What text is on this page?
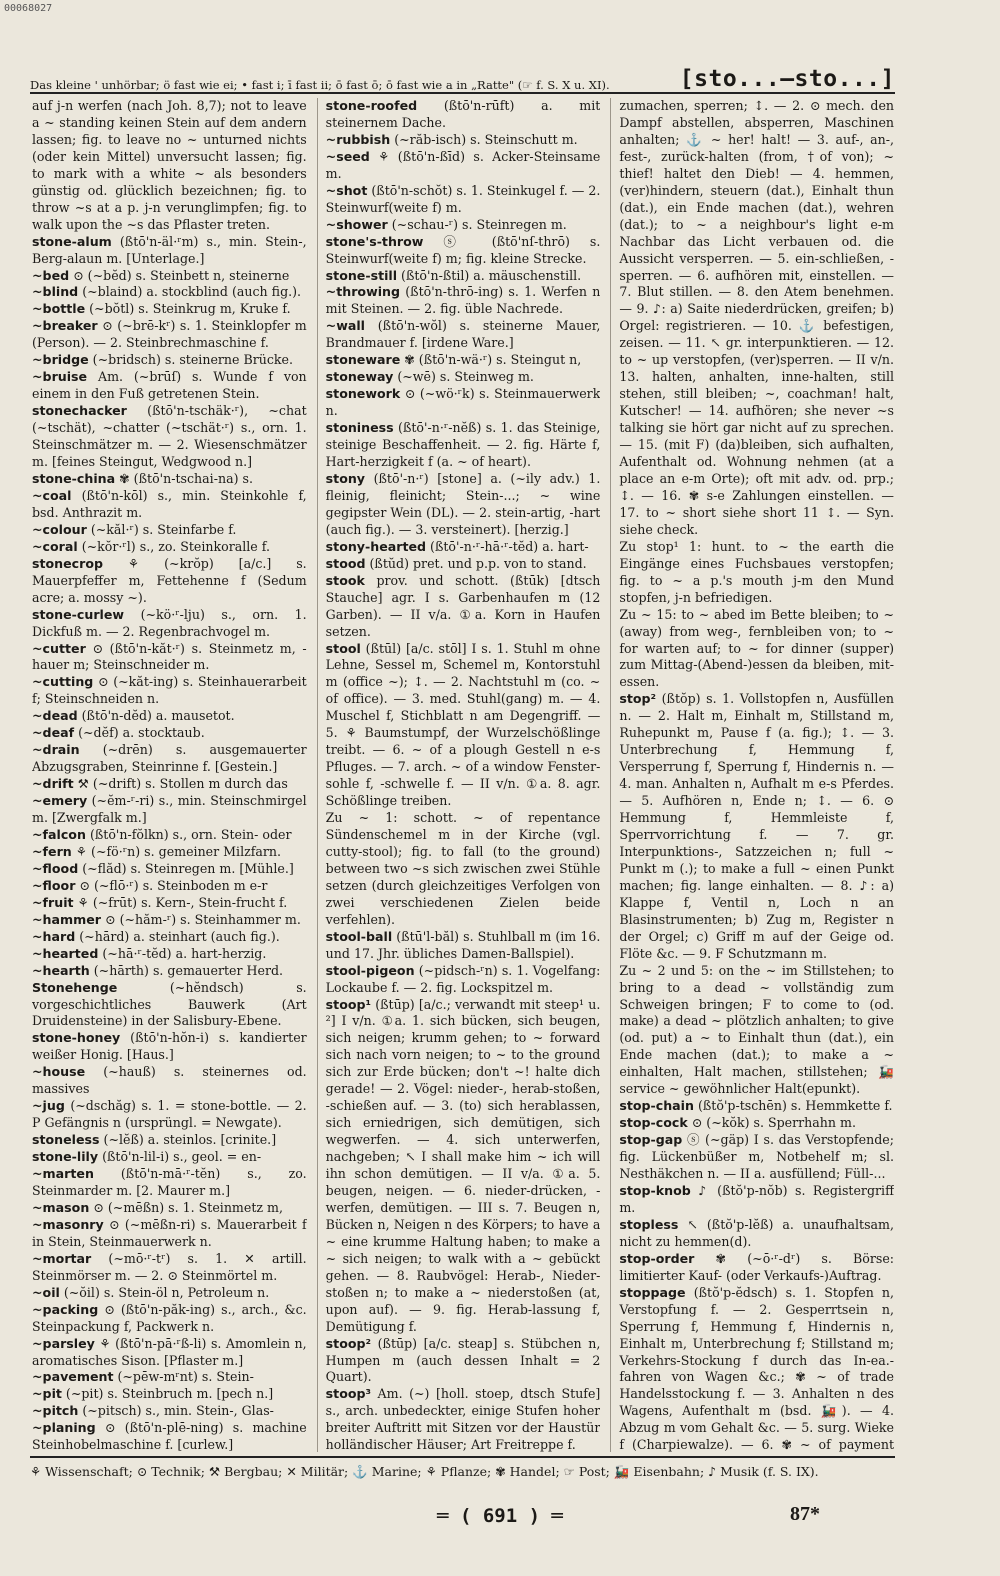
00068027
Das kleine ' unhörbar; ö fast wie ei; • fast i; ī fast ii; ō fast ō; ō fast wie a in „Ratte" (☞ f. S. X u. XI).	[sto...—sto...]

auf j-n werfen (nach Joh. 8,7); not to leave a ~ standing keinen Stein auf dem andern lassen; fig. to leave no ~ unturned nichts (oder kein Mittel) unversucht lassen; fig. to mark with a white ~ als besonders günstig od. glücklich bezeichnen; fig. to throw ~s at a p. j-n verunglimpfen; fig. to walk upon the ~s das Pflaster treten.

stone-alum (ßtō'n-äl·ʳm) s., min. Stein-, Berg-alaun m. [Unterlage.]

~bed ⊙ (~bĕd) s. Steinbett n, steinerne

~blind (~blaind) a. stockblind (auch fig.).

~bottle (~bŏtl) s. Steinkrug m, Kruke f.

~breaker ⊙ (~brē-kʳ) s. 1. Steinklopfer m (Person). — 2. Steinbrechmaschine f.

~bridge (~bridsch) s. steinerne Brücke.

~bruise Am. (~brūſ) s. Wunde f von einem in den Fuß getretenen Stein.

stonechacker (ßtō'n-tschäk·ʳ), ~chat (~tschät), ~chatter (~tschät·ʳ) s., orn. 1. Steinschmätzer m. — 2. Wiesenschmätzer m. [feines Steingut, Wedgwood n.]

stone-china ✾ (ßtō'n-tschai-na) s.

~coal (ßtō'n-kōl) s., min. Steinkohle f, bsd. Anthrazit m.

~colour (~kăl·ʳ) s. Steinfarbe f.

~coral (~kŏr·ʳl) s., zo. Steinkoralle f.

stonecrop ⚘ (~krŏp) [a/c.] s. Mauerpfeffer m, Fettehenne f (Sedum acre; a. mossy ~).

stone-curlew (~kö·ʳ-lju) s., orn. 1. Dickfuß m. — 2. Regenbrachvogel m.

~cutter ⊙ (ßtō'n-kăt·ʳ) s. Steinmetz m, -hauer m; Steinschneider m.

~cutting ⊙ (~kăt-ing) s. Steinhauerarbeit f; Steinschneiden n.

~dead (ßtō'n-dĕd) a. mausetot.

~deaf (~dĕf) a. stocktaub.

~drain (~drēn) s. ausgemauerter Abzugsgraben, Steinrinne f. [Gestein.]

~drift ⚒ (~drift) s. Stollen m durch das

~emery (~ĕm-ʳ-ri) s., min. Steinschmirgel m. [Zwergfalk m.]

~falcon (ßtō'n-fŏlkn) s., orn. Stein- oder

~fern ⚘ (~fö·ʳn) s. gemeiner Milzfarn.

~flood (~flăd) s. Steinregen m. [Mühle.]

~floor ⊙ (~flō·ʳ) s. Steinboden m e-r

~fruit ⚘ (~frūt) s. Kern-, Stein-frucht f.

~hammer ⊙ (~hăm-ʳ) s. Steinhammer m.

~hard (~hārd) a. steinhart (auch fig.).

~hearted (~hā·ʳ-tĕd) a. hart-herzig.

~hearth (~hārth) s. gemauerter Herd.

Stonehenge (~hĕndsch) s. vorgeschichtliches Bauwerk (Art Druidensteine) in der Salisbury-Ebene.

stone-honey (ßtō'n-hŏn-i) s. kandierter weißer Honig. [Haus.]

~house (~hauß) s. steinernes od. massives

~jug (~dschăg) s. 1. = stone-bottle. — 2. P Gefängnis n (ursprüngl. = Newgate).

stoneless (~lĕß) a. steinlos. [crinite.]

stone-lily (ßtō'n-lil-i) s., geol. = en-

~marten (ßtō'n-mā·ʳ-tĕn) s., zo. Steinmarder m. [2. Maurer m.]

~mason ⊙ (~mēßn) s. 1. Steinmetz m,

~masonry ⊙ (~mēßn-ri) s. Mauerarbeit f in Stein, Steinmauerwerk n.

~mortar (~mō·ʳ-tʳ) s. 1. ✕ artill. Steinmörser m. — 2. ⊙ Steinmörtel m.

~oil (~ŏil) s. Stein-öl n, Petroleum n.

~packing ⊙ (ßtō'n-păk-ing) s., arch., &c. Steinpackung f, Packwerk n.

~parsley ⚘ (ßtō'n-pā·ʳß-li) s. Amomlein n, aromatisches Sison. [Pflaster m.]

~pavement (~pēw-mʳnt) s. Stein-

~pit (~pit) s. Steinbruch m. [pech n.]

~pitch (~pitsch) s., min. Stein-, Glas-

~planing ⊙ (ßtō'n-plē-ning) s. machine Steinhobelmaschine f. [curlew.]

stone-roofed (ßtō'n-rūft) a. mit steinernem Dache.

~rubbish (~răb-isch) s. Steinschutt m.

~seed ⚘ (ßtō'n-ßīd) s. Acker-Steinsame m.

~shot (ßtō'n-schŏt) s. 1. Steinkugel f. — 2. Steinwurf(weite f) m.

~shower (~schau-ʳ) s. Steinregen m.

stone's-throw ⓢ (ßtō'nſ-thrō) s. Steinwurf(weite f) m; fig. kleine Strecke.

stone-still (ßtō'n-ßtil) a. mäuschenstill.

~throwing (ßtō'n-thrō-ing) s. 1. Werfen n mit Steinen. — 2. fig. üble Nachrede.

~wall (ßtō'n-wŏl) s. steinerne Mauer, Brandmauer f. [irdene Ware.]

stoneware ✾ (ßtō'n-wä·ʳ) s. Steingut n,

stoneway (~wē) s. Steinweg m.

stonework ⊙ (~wö·ʳk) s. Steinmauerwerk n.

stoniness (ßtō'-n·ʳ-nĕß) s. 1. das Steinige, steinige Beschaffenheit. — 2. fig. Härte f, Hart-herzigkeit f (a. ~ of heart).

stony (ßtō'-n·ʳ) [stone] a. (~ily adv.) 1. fleinig, fleinicht; Stein-...; ~ wine gegipster Wein (DL). — 2. stein-artig, -hart (auch fig.). — 3. versteinert). [herzig.]

stony-hearted (ßtō'-n·ʳ-hā·ʳ-tĕd) a. hart-

stood (ßtŭd) pret. und p.p. von to stand.

stook prov. und schott. (ßtūk) [dtsch Stauche] agr. I s. Garbenhaufen m (12 Garben). — II v/a. ①a. Korn in Haufen setzen.

stool (ßtūl) [a/c. stōl] I s. 1. Stuhl m ohne Lehne, Sessel m, Schemel m, Kontorstuhl m (office ~); ↕. — 2. Nachtstuhl m (co. ~ of office). — 3. med. Stuhl(gang) m. — 4. Muschel f, Stichblatt n am Degengriff. — 5. ⚘ Baumstumpf, der Wurzelschößlinge treibt. — 6. ~ of a plough Gestell n e-s Pfluges. — 7. arch. ~ of a window Fenster-sohle f, -schwelle f. — II v/n. ①a. 8. agr. Schößlinge treiben.

Zu ~ 1: schott. ~ of repentance Sündenschemel m in der Kirche (vgl. cutty-stool); fig. to fall (to the ground) between two ~s sich zwischen zwei Stühle setzen (durch gleichzeitiges Verfolgen von zwei verschiedenen Zielen beide verfehlen).

stool-ball (ßtū'l-băl) s. Stuhlball m (im 16. und 17. Jhr. übliches Damen-Ballspiel).

stool-pigeon (~pidsch-ʳn) s. 1. Vogelfang: Lockaube f. — 2. fig. Lockspitzel m.

stoop¹ (ßtūp) [a/c.; verwandt mit steep¹ u. ²] I v/n. ①a. 1. sich bücken, sich beugen, sich neigen; krumm gehen; to ~ forward sich nach vorn neigen; to ~ to the ground sich zur Erde bücken; don't ~! halte dich gerade! — 2. Vögel: nieder-, herab-stoßen, -schießen auf. — 3. (to) sich herablassen, sich erniedrigen, sich demütigen, sich wegwerfen. — 4. sich unterwerfen, nachgeben; ↖ I shall make him ~ ich will ihn schon demütigen. — II v/a. ①a. 5. beugen, neigen. — 6. nieder-drücken, -werfen, demütigen. — III s. 7. Beugen n, Bücken n, Neigen n des Körpers; to have a ~ eine krumme Haltung haben; to make a ~ sich neigen; to walk with a ~ gebückt gehen. — 8. Raubvögel: Herab-, Nieder-stoßen n; to make a ~ niederstoßen (at, upon auf). — 9. fig. Herab-lassung f, Demütigung f.

stoop² (ßtūp) [a/c. steap] s. Stübchen n, Humpen m (auch dessen Inhalt = 2 Quart).

stoop³ Am. (~) [holl. stoep, dtsch Stufe] s., arch. unbedeckter, einige Stufen hoher breiter Auftritt mit Sitzen vor der Haustür holländischer Häuser; Art Freitreppe f.

zumachen, sperren; ↕. — 2. ⊙ mech. den Dampf abstellen, absperren, Maschinen anhalten; ⚓ ~ her! halt! — 3. auf-, an-, fest-, zurück-halten (from, †of von); ~ thief! haltet den Dieb! — 4. hemmen, (ver)hindern, steuern (dat.), Einhalt thun (dat.), ein Ende machen (dat.), wehren (dat.); to ~ a neighbour's light e-m Nachbar das Licht verbauen od. die Aussicht versperren. — 5. ein-schließen, -sperren. — 6. aufhören mit, einstellen. — 7. Blut stillen. — 8. den Atem benehmen. — 9. ♪: a) Saite niederdrücken, greifen; b) Orgel: registrieren. — 10. ⚓ befestigen, zeisen. — 11. ↖ gr. interpunktieren. — 12. to ~ up verstopfen, (ver)sperren. — II v/n. 13. halten, anhalten, inne-halten, still stehen, still bleiben; ~, coachman! halt, Kutscher! — 14. aufhören; she never ~s talking sie hört gar nicht auf zu sprechen. — 15. (mit F) (da)bleiben, sich aufhalten, Aufenthalt od. Wohnung nehmen (at a place an e-m Orte); oft mit adv. od. prp.; ↕. — 16. ✾ s-e Zahlungen einstellen. — 17. to ~ short siehe short 11 ↕. — Syn. siehe check.

Zu stop¹ 1: hunt. to ~ the earth die Eingänge eines Fuchsbaues verstopfen; fig. to ~ a p.'s mouth j-m den Mund stopfen, j-n befriedigen.

Zu ~ 15: to ~ abed im Bette bleiben; to ~ (away) from weg-, fernbleiben von; to ~ for warten auf; to ~ for dinner (supper) zum Mittag-(Abend-)essen da bleiben, mit-essen.

stop² (ßtŏp) s. 1. Vollstopfen n, Ausfüllen n. — 2. Halt m, Einhalt m, Stillstand m, Ruhepunkt m, Pause f (a. fig.); ↕. — 3. Unterbrechung f, Hemmung f, Versperrung f, Sperrung f, Hindernis n. — 4. man. Anhalten n, Aufhalt m e-s Pferdes. — 5. Aufhören n, Ende n; ↕. — 6. ⊙ Hemmung f, Hemmleiste f, Sperrvorrichtung f. — 7. gr. Interpunktions-, Satzzeichen n; full ~ Punkt m (.); to make a full ~ einen Punkt machen; fig. lange einhalten. — 8. ♪: a) Klappe f, Ventil n, Loch n an Blasinstrumenten; b) Zug m, Register n der Orgel; c) Griff m auf der Geige od. Flöte &c. — 9. F Schutzmann m.

Zu ~ 2 und 5: on the ~ im Stillstehen; to bring to a dead ~ vollständig zum Schweigen bringen; F to come to (od. make) a dead ~ plötzlich anhalten; to give (od. put) a ~ to Einhalt thun (dat.), ein Ende machen (dat.); to make a ~ einhalten, Halt machen, stillstehen; 🚂 service ~ gewöhnlicher Halt(epunkt).

stop-chain (ßtŏ'p-tschēn) s. Hemmkette f.

stop-cock ⊙ (~kŏk) s. Sperrhahn m.

stop-gap ⓢ (~gäp) I s. das Verstopfende; fig. Lückenbüßer m, Notbehelf m; sl. Nesthäkchen n. — II a. ausfüllend; Füll-...

stop-knob ♪ (ßtŏ'p-nŏb) s. Registergriff m.

stopless ↖ (ßtŏ'p-lĕß) a. unaufhaltsam, nicht zu hemmen(d).

stop-order ✾ (~ō·ʳ-dʳ) s. Börse: limitierter Kauf- (oder Verkaufs-)Auftrag.

stoppage (ßtŏ'p-ĕdsch) s. 1. Stopfen n, Verstopfung f. — 2. Gesperrtsein n, Sperrung f, Hemmung f, Hindernis n, Einhalt m, Unterbrechung f; Stillstand m; Verkehrs-Stockung f durch das In-ea.-fahren von Wagen &c.; ✾ ~ of trade Handelsstockung f. — 3. Anhalten n des Wagens, Aufenthalt m (bsd. 🚂). — 4. Abzug m vom Gehalt &c. — 5. surg. Wieke f (Charpiewalze). — 6. ✾ ~ of payment

⚘ Wissenschaft; ⊙ Technik; ⚒ Bergbau; ✕ Militär; ⚓ Marine; ⚘ Pflanze; ✾ Handel; ☞ Post; 🚂 Eisenbahn; ♪ Musik (f. S. IX).
═ ( 691 ) ═	87*
